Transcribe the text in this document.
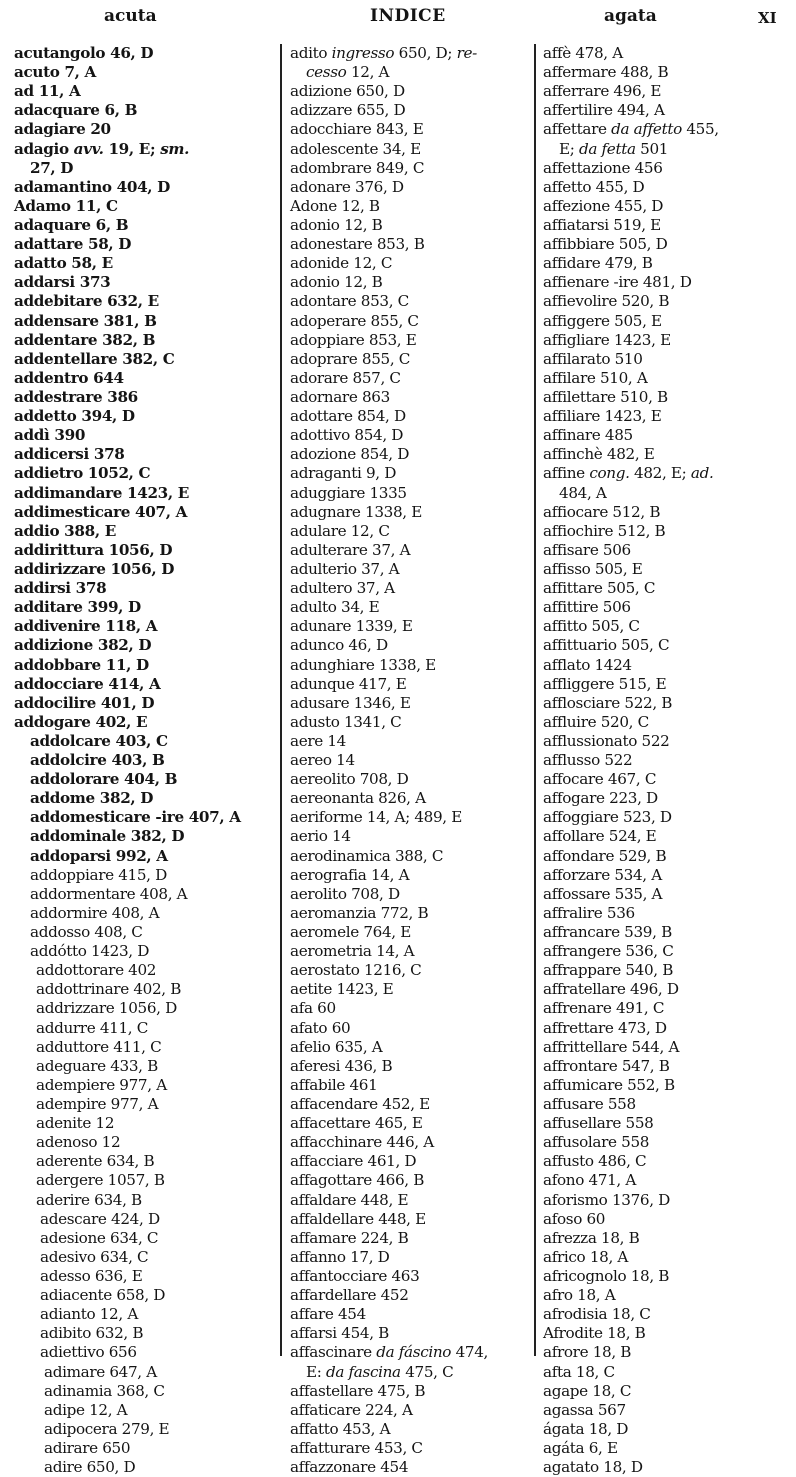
acuta	INDICE	agata	XI
acutangolo 46, D
acuto 7, A
ad 11, A
adacquare 6, B
adagiare 20
adagio avv. 19, E; sm.
27, D
adamantino 404, D
Adamo 11, C
adaquare 6, B
adattare 58, D
adatto 58, E
addarsi 373
addebitare 632, E
addensare 381, B
addentare 382, B
addentellare 382, C
addentro 644
addestrare 386
addetto 394, D
addì 390
addicersi 378
addietro 1052, C
addimandare 1423, E
addimesticare 407, A
addio 388, E
addirittura 1056, D
addirizzare 1056, D
addirsi 378
additare 399, D
addivenire 118, A
addizione 382, D
addobbare 11, D
addocciare 414, A
addocilire 401, D
addogare 402, E
addolcare 403, C
addolcire 403, B
addolorare 404, B
addome 382, D
addomesticare -ire 407, A
addominale 382, D
addoparsi 992, A
addoppiare 415, D
addormentare 408, A
addormire 408, A
addosso 408, C
addótto 1423, D
addottorare 402
addottrinare 402, B
addrizzare 1056, D
addurre 411, C
adduttore 411, C
adeguare 433, B
adempiere 977, A
adempire 977, A
adenite 12
adenoso 12
aderente 634, B
adergere 1057, B
aderire 634, B
adescare 424, D
adesione 634, C
adesivo 634, C
adesso 636, E
adiacente 658, D
adianto 12, A
adibito 632, B
adiettivo 656
adimare 647, A
adinamia 368, C
adipe 12, A
adipocera 279, E
adirare 650
adire 650, D
adito ingresso 650, D; re-
cesso 12, A
adizione 650, D
adizzare 655, D
adocchiare 843, E
adolescente 34, E
adombrare 849, C
adonare 376, D
Adone 12, B
adonio 12, B
adonestare 853, B
adonide 12, C
adonio 12, B
adontare 853, C
adoperare 855, C
adoppiare 853, E
adoprare 855, C
adorare 857, C
adornare 863
adottare 854, D
adottivo 854, D
adozione 854, D
adraganti 9, D
aduggiare 1335
adugnare 1338, E
adulare 12, C
adulterare 37, A
adulterio 37, A
adultero 37, A
adulto 34, E
adunare 1339, E
adunco 46, D
adunghiare 1338, E
adunque 417, E
adusare 1346, E
adusto 1341, C
aere 14
aereo 14
aereolito 708, D
aereonanta 826, A
aeriforme 14, A; 489, E
aerio 14
aerodinamica 388, C
aerografia 14, A
aerolito 708, D
aeromanzia 772, B
aeromele 764, E
aerometria 14, A
aerostato 1216, C
aetite 1423, E
afa 60
afato 60
afelio 635, A
aferesi 436, B
affabile 461
affacendare 452, E
affacettare 465, E
affacchinare 446, A
affacciare 461, D
affagottare 466, B
affaldare 448, E
affaldellare 448, E
affamare 224, B
affanno 17, D
affantocciare 463
affardellare 452
affare 454
affarsi 454, B
affascinare da fáscino 474,
E: da fascina 475, C
affastellare 475, B
affaticare 224, A
affatto 453, A
affatturare 453, C
affazzonare 454
affè 478, A
affermare 488, B
afferrare 496, E
affertilire 494, A
affettare da affetto 455,
E; da fetta 501
affettazione 456
affetto 455, D
affezione 455, D
affiatarsi 519, E
affibbiare 505, D
affidare 479, B
affienare -ire 481, D
affievolire 520, B
affiggere 505, E
affigliare 1423, E
affilarato 510
affilare 510, A
affilettare 510, B
affiliare 1423, E
affinare 485
affinchè 482, E
affine cong. 482, E; ad.
484, A
affiocare 512, B
affiochire 512, B
affisare 506
affisso 505, E
affittare 505, C
affittire 506
affitto 505, C
affittuario 505, C
afflato 1424
affliggere 515, E
afflosciare 522, B
affluire 520, C
afflussionato 522
afflusso 522
affocare 467, C
affogare 223, D
affoggiare 523, D
affollare 524, E
affondare 529, B
afforzare 534, A
affossare 535, A
affralire 536
affrancare 539, B
affrangere 536, C
affrappare 540, B
affratellare 496, D
affrenare 491, C
affrettare 473, D
affrittellare 544, A
affrontare 547, B
affumicare 552, B
affusare 558
affusellare 558
affusolare 558
affusto 486, C
afono 471, A
aforismo 1376, D
afoso 60
afrezza 18, B
africo 18, A
africognolo 18, B
afro 18, A
afrodisia 18, C
Afrodite 18, B
afrore 18, B
afta 18, C
agape 18, C
agassa 567
ágata 18, D
agáta 6, E
agatato 18, D
